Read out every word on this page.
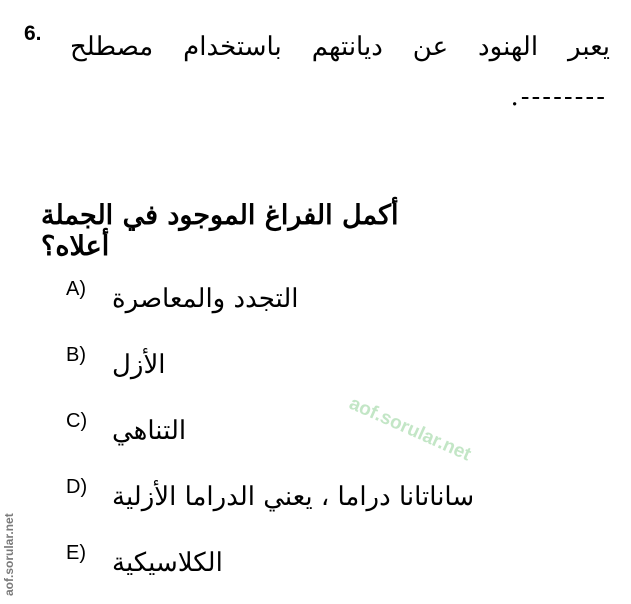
6. يعبر الهنود عن ديانتهم باستخدام مصطلح
.--------
أكمل الفراغ الموجود في الجملة أعلاه؟
A) التجدد والمعاصرة
B) الأزل
C) التناهي
D) ساناتانا دراما ، يعني الدراما الأزلية
E) الكلاسيكية
aof.sorular.net
aof.sorular.net
